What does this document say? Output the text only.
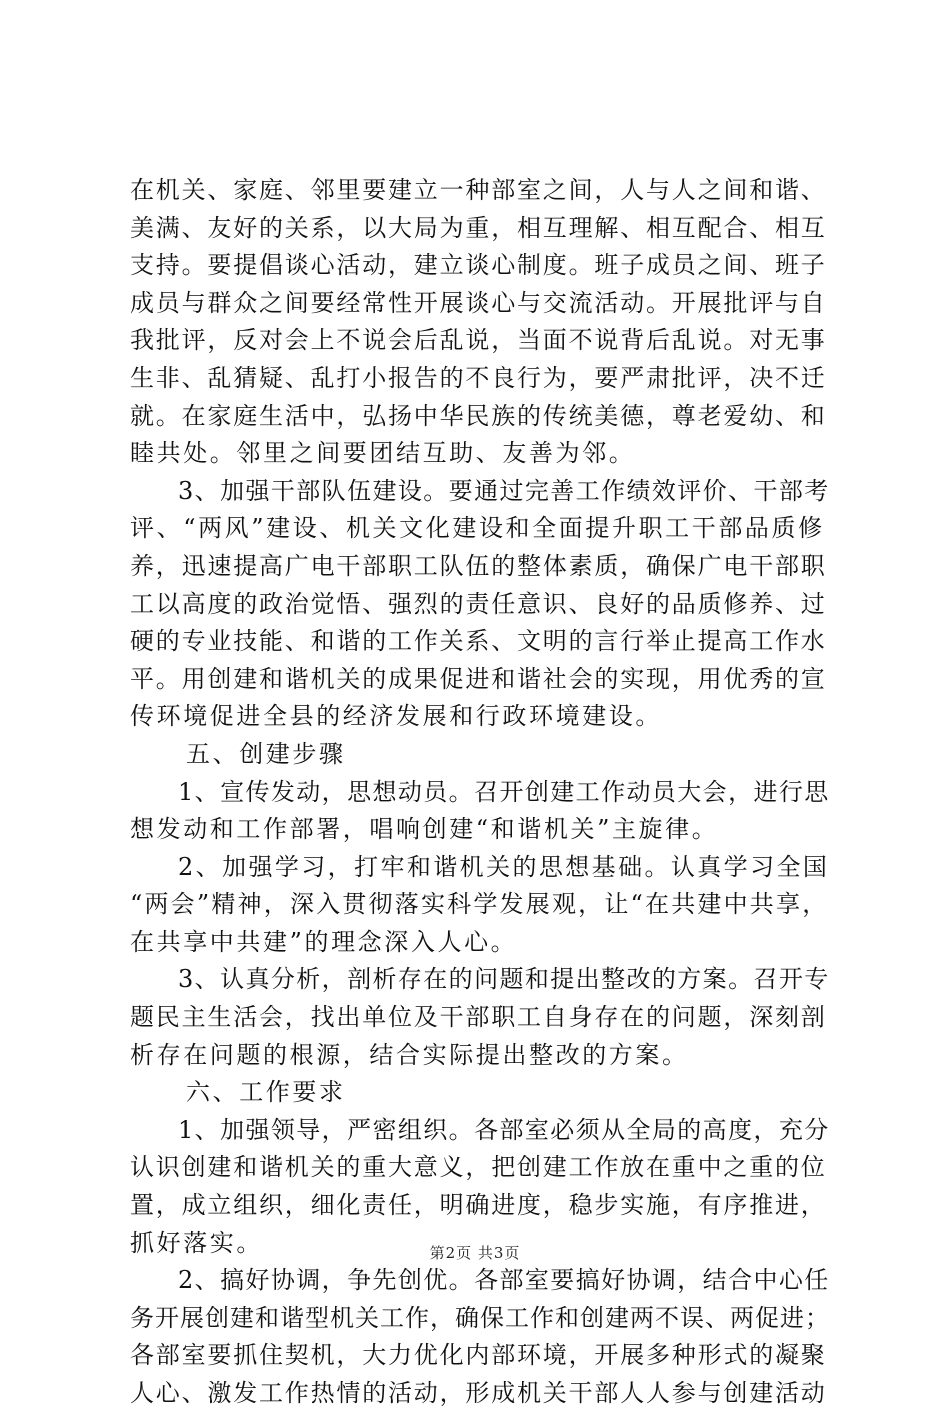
在机关、家庭、邻里要建立一种部室之间，人与人之间和谐、
美满、友好的关系，以大局为重，相互理解、相互配合、相互
支持。要提倡谈心活动，建立谈心制度。班子成员之间、班子
成员与群众之间要经常性开展谈心与交流活动。开展批评与自
我批评，反对会上不说会后乱说，当面不说背后乱说。对无事
生非、乱猜疑、乱打小报告的不良行为，要严肃批评，决不迁
就。在家庭生活中，弘扬中华民族的传统美德，尊老爱幼、和
睦共处。邻里之间要团结互助、友善为邻。
3、加强干部队伍建设。要通过完善工作绩效评价、干部考
评、“两风”建设、机关文化建设和全面提升职工干部品质修
养，迅速提高广电干部职工队伍的整体素质，确保广电干部职
工以高度的政治觉悟、强烈的责任意识、良好的品质修养、过
硬的专业技能、和谐的工作关系、文明的言行举止提高工作水
平。用创建和谐机关的成果促进和谐社会的实现，用优秀的宣
传环境促进全县的经济发展和行政环境建设。
五、创建步骤
1、宣传发动，思想动员。召开创建工作动员大会，进行思
想发动和工作部署，唱响创建“和谐机关”主旋律。
2、加强学习，打牢和谐机关的思想基础。认真学习全国
“两会”精神，深入贯彻落实科学发展观，让“在共建中共享，
在共享中共建”的理念深入人心。
3、认真分析，剖析存在的问题和提出整改的方案。召开专
题民主生活会，找出单位及干部职工自身存在的问题，深刻剖
析存在问题的根源，结合实际提出整改的方案。
六、工作要求
1、加强领导，严密组织。各部室必须从全局的高度，充分
认识创建和谐机关的重大意义，把创建工作放在重中之重的位
置，成立组织，细化责任，明确进度，稳步实施，有序推进，
抓好落实。
2、搞好协调，争先创优。各部室要搞好协调，结合中心任
务开展创建和谐型机关工作，确保工作和创建两不误、两促进；
各部室要抓住契机，大力优化内部环境，开展多种形式的凝聚
人心、激发工作热情的活动，形成机关干部人人参与创建活动
第2页 共3页
